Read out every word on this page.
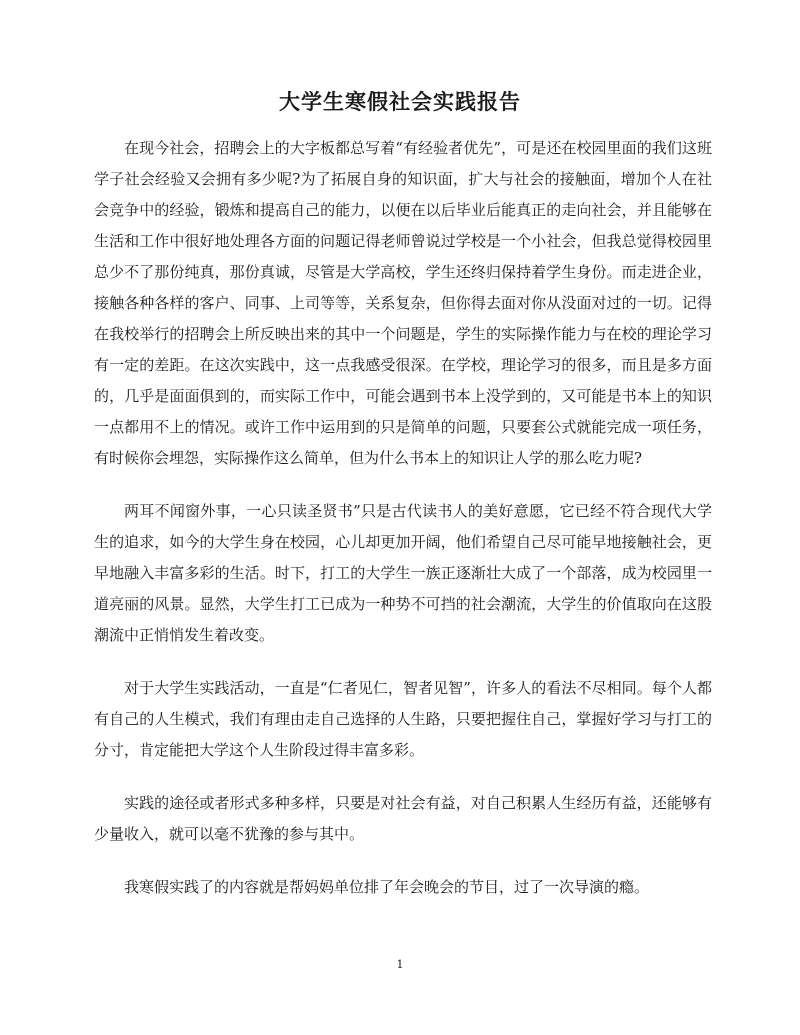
大学生寒假社会实践报告

在现今社会，招聘会上的大字板都总写着“有经验者优先”，可是还在校园里面的我们这班学子社会经验又会拥有多少呢?为了拓展自身的知识面，扩大与社会的接触面，增加个人在社会竞争中的经验，锻炼和提高自己的能力，以便在以后毕业后能真正的走向社会，并且能够在生活和工作中很好地处理各方面的问题记得老师曾说过学校是一个小社会，但我总觉得校园里总少不了那份纯真，那份真诚，尽管是大学高校，学生还终归保持着学生身份。而走进企业，接触各种各样的客户、同事、上司等等，关系复杂，但你得去面对你从没面对过的一切。记得在我校举行的招聘会上所反映出来的其中一个问题是，学生的实际操作能力与在校的理论学习有一定的差距。在这次实践中，这一点我感受很深。在学校，理论学习的很多，而且是多方面的，几乎是面面俱到的，而实际工作中，可能会遇到书本上没学到的，又可能是书本上的知识一点都用不上的情况。或许工作中运用到的只是简单的问题，只要套公式就能完成一项任务，有时候你会埋怨，实际操作这么简单，但为什么书本上的知识让人学的那么吃力呢?

两耳不闻窗外事，一心只读圣贤书”只是古代读书人的美好意愿，它已经不符合现代大学生的追求，如今的大学生身在校园，心儿却更加开阔，他们希望自己尽可能早地接触社会，更早地融入丰富多彩的生活。时下，打工的大学生一族正逐渐壮大成了一个部落，成为校园里一道亮丽的风景。显然，大学生打工已成为一种势不可挡的社会潮流，大学生的价值取向在这股潮流中正悄悄发生着改变。

对于大学生实践活动，一直是“仁者见仁，智者见智”，许多人的看法不尽相同。每个人都有自己的人生模式，我们有理由走自己选择的人生路，只要把握住自己，掌握好学习与打工的分寸，肯定能把大学这个人生阶段过得丰富多彩。

实践的途径或者形式多种多样，只要是对社会有益，对自己积累人生经历有益，还能够有少量收入，就可以毫不犹豫的参与其中。

我寒假实践了的内容就是帮妈妈单位排了年会晚会的节目，过了一次导演的瘾。

1
